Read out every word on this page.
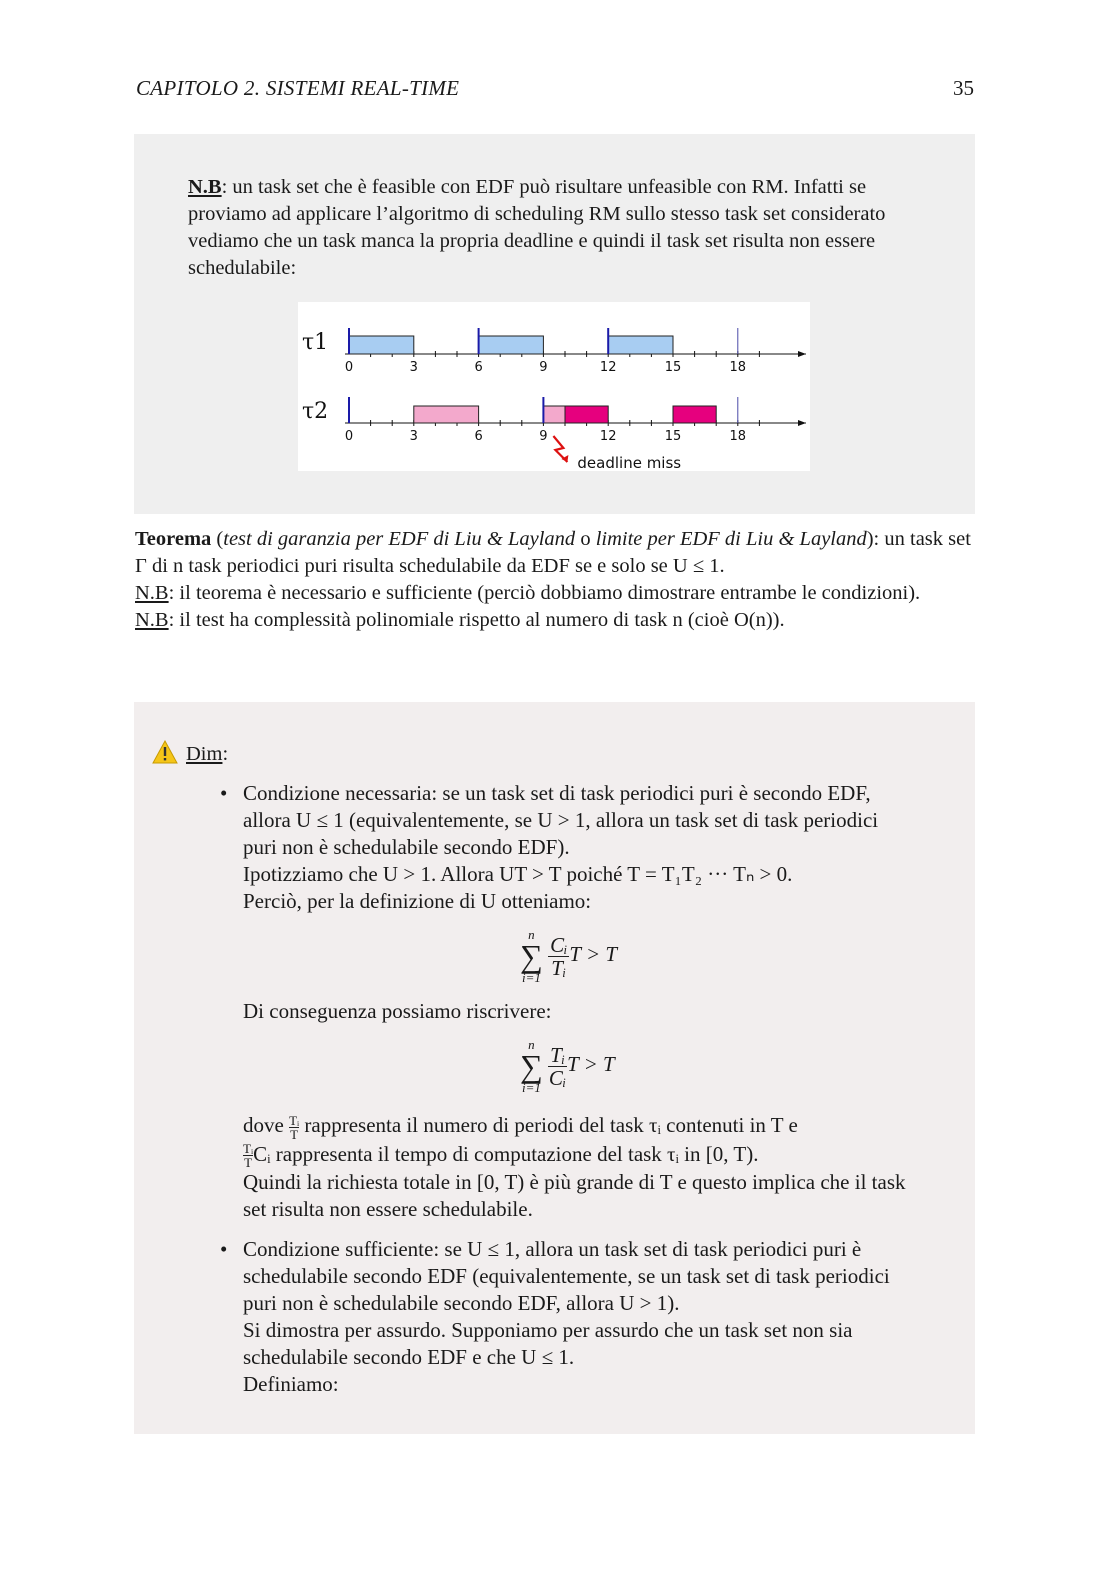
CAPITOLO 2. SISTEMI REAL-TIME	35
N.B: un task set che è feasible con EDF può risultare unfeasible con RM. Infatti se proviamo ad applicare l’algoritmo di scheduling RM sullo stesso task set considerato vediamo che un task manca la propria deadline e quindi il task set risulta non essere schedulabile:
τ1
0	3	6	9	12	15	18
τ2
0	3	6	9	12	15	18
deadline miss
Teorema (test di garanzia per EDF di Liu & Layland o limite per EDF di Liu & Layland): un task set Γ di n task periodici puri risulta schedulabile da EDF se e solo se U ≤ 1.
N.B: il teorema è necessario e sufficiente (perciò dobbiamo dimostrare entrambe le condizioni).
N.B: il test ha complessità polinomiale rispetto al numero di task n (cioè O(n)).
Dim:
• Condizione necessaria: se un task set di task periodici puri è secondo EDF, allora U ≤ 1 (equivalentemente, se U > 1, allora un task set di task periodici puri non è schedulabile secondo EDF).
Ipotizziamo che U > 1. Allora UT > T poiché T = T₁T₂ ··· Tₙ > 0.
Perciò, per la definizione di U otteniamo:
n
∑
i=1
$\frac{\text{Cᵢ}}{\text{Tᵢ}}$ T > T
Di conseguenza possiamo riscrivere:
n
∑
i=1
$\frac{\text{Tᵢ}}{\text{Cᵢ}}$ T > T
dove $\frac{\text{Tᵢ}}{T}$ rappresenta il numero di periodi del task τᵢ contenuti in T e

$\frac{\text{Tᵢ}}{T}Cᵢ$ rappresenta il tempo di computazione del task τᵢ in [0, T).
Quindi la richiesta totale in [0, T) è più grande di T e questo implica che il task set risulta non essere schedulabile.
• Condizione sufficiente: se U ≤ 1, allora un task set di task periodici puri è schedulabile secondo EDF (equivalentemente, se un task set di task periodici puri non è schedulabile secondo EDF, allora U > 1).
Si dimostra per assurdo. Supponiamo per assurdo che un task set non sia schedulabile secondo EDF e che U ≤ 1.
Definiamo:
